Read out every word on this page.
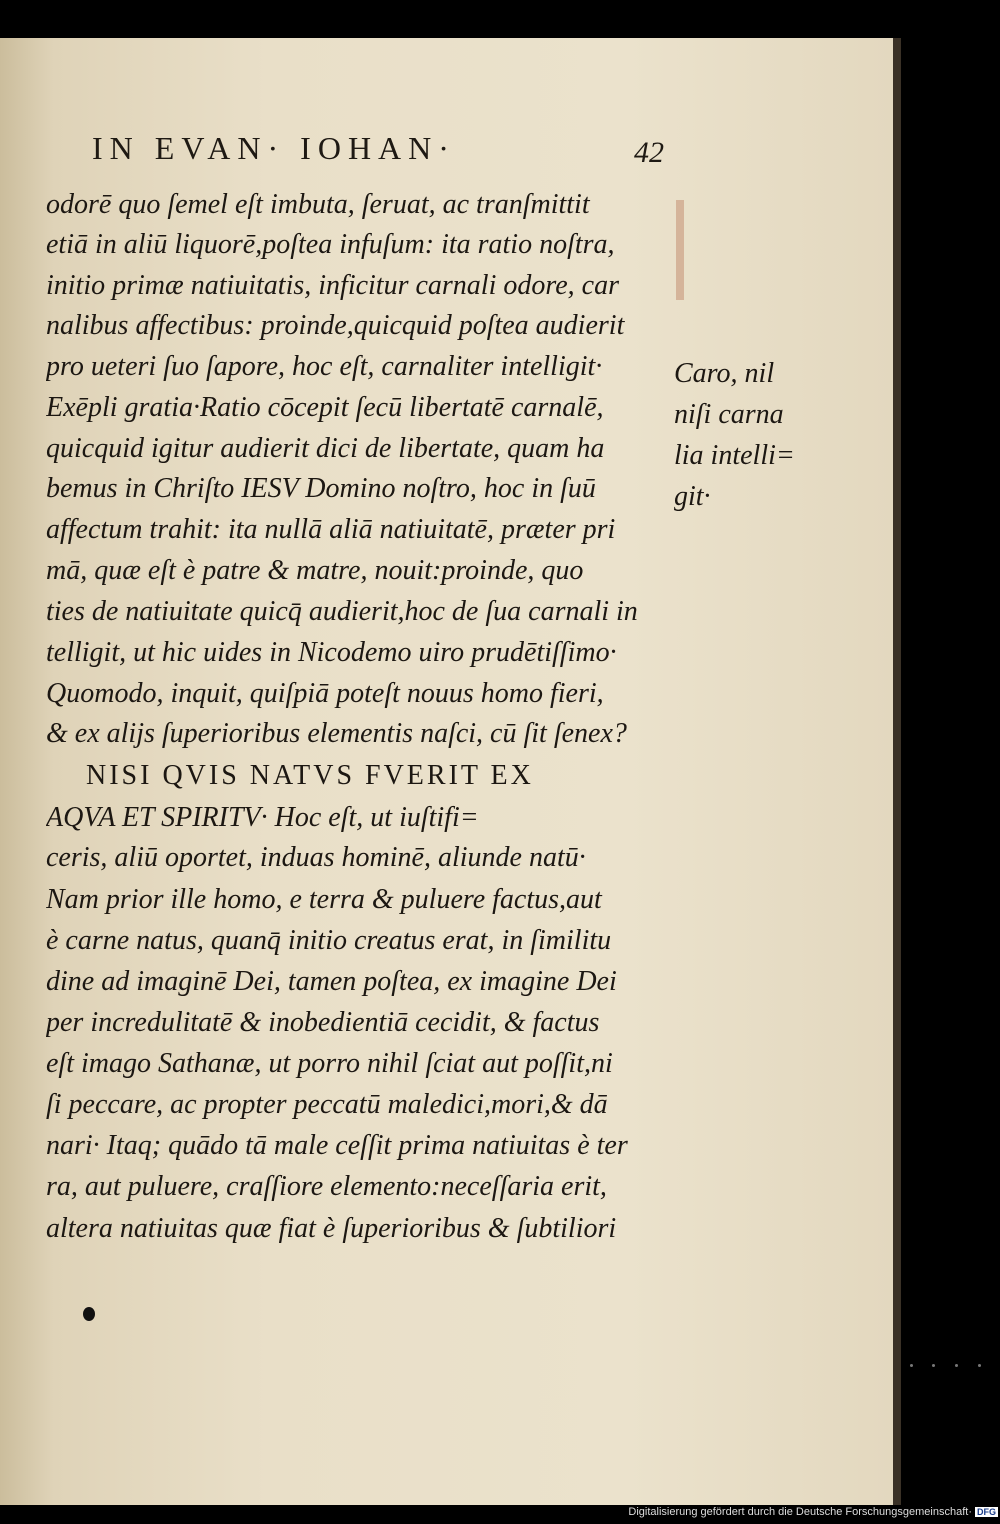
IN EVAN· IOHAN·	42
odorē quo ſemel eſt imbuta, ſeruat, ac tranſmittit
etiā in aliū liquorē,poſtea infuſum: ita ratio noſtra,
initio primæ natiuitatis, inficitur carnali odore, car
nalibus affectibus: proinde,quicquid poſtea audierit
pro ueteri ſuo ſapore, hoc eſt, carnaliter intelligit·
Exēpli gratia·Ratio cōcepit ſecū libertatē carnalē,
quicquid igitur audierit dici de libertate, quam ha
bemus in Chriſto IESV Domino noſtro, hoc in ſuū
affectum trahit: ita nullā aliā natiuitatē, præter pri
mā, quæ eſt è patre & matre, nouit:proinde, quo
ties de natiuitate quicq̄ audierit,hoc de ſua carnali in
telligit, ut hic uides in Nicodemo uiro prudētiſſimo·
Quomodo, inquit, quiſpiā poteſt nouus homo fieri,
& ex alijs ſuperioribus elementis naſci, cū ſit ſenex?
NISI QVIS NATVS FVERIT EX
AQVA ET SPIRITV· Hoc eſt, ut iuſtifi=
ceris, aliū oportet, induas hominē, aliunde natū·
Nam prior ille homo, e terra & puluere factus,aut
è carne natus, quanq̄ initio creatus erat, in ſimilitu
dine ad imaginē Dei, tamen poſtea, ex imagine Dei
per incredulitatē & inobedientiā cecidit, & factus
eſt imago Sathanæ, ut porro nihil ſciat aut poſſit,ni
ſi peccare, ac propter peccatū maledici,mori,& dā
nari· Itaq; quādo tā male ceſſit prima natiuitas è ter
ra, aut puluere, craſſiore elemento:neceſſaria erit,
altera natiuitas quæ fiat è ſuperioribus & ſubtiliori
Caro, nil
niſi carna
lia intelli=
git·
Digitalisierung gefördert durch die Deutsche Forschungsgemeinschaft· DFG
